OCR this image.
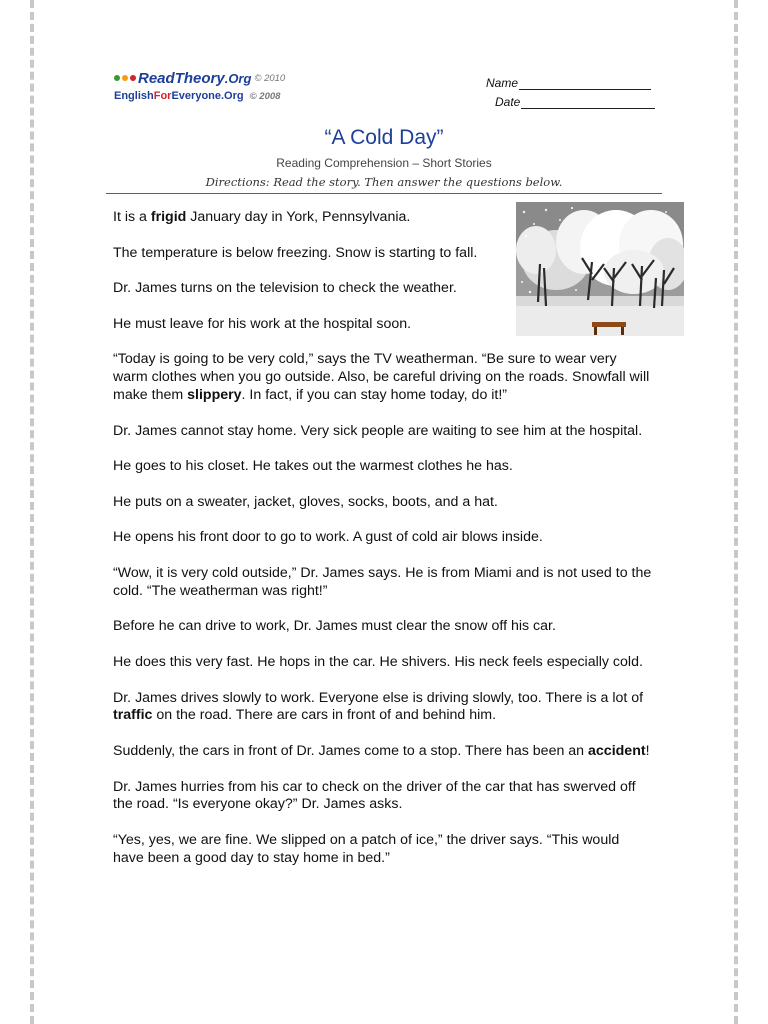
ReadTheory.Org © 2010
EnglishForEveryone.Org © 2008
Name
Date
“A Cold Day”
Reading Comprehension – Short Stories
Directions: Read the story. Then answer the questions below.

It is a frigid January day in York, Pennsylvania.

The temperature is below freezing. Snow is starting to fall.

Dr. James turns on the television to check the weather.

He must leave for his work at the hospital soon.

“Today is going to be very cold,” says the TV weatherman. “Be sure to wear very warm clothes when you go outside. Also, be careful driving on the roads. Snowfall will make them slippery. In fact, if you can stay home today, do it!”

Dr. James cannot stay home. Very sick people are waiting to see him at the hospital.

He goes to his closet. He takes out the warmest clothes he has.

He puts on a sweater, jacket, gloves, socks, boots, and a hat.

He opens his front door to go to work. A gust of cold air blows inside.

“Wow, it is very cold outside,” Dr. James says. He is from Miami and is not used to the cold. “The weatherman was right!”

Before he can drive to work, Dr. James must clear the snow off his car.

He does this very fast. He hops in the car. He shivers. His neck feels especially cold.

Dr. James drives slowly to work. Everyone else is driving slowly, too. There is a lot of traffic on the road. There are cars in front of and behind him.

Suddenly, the cars in front of Dr. James come to a stop. There has been an accident!

Dr. James hurries from his car to check on the driver of the car that has swerved off the road. “Is everyone okay?” Dr. James asks.

“Yes, yes, we are fine. We slipped on a patch of ice,” the driver says. “This would have been a good day to stay home in bed.”
